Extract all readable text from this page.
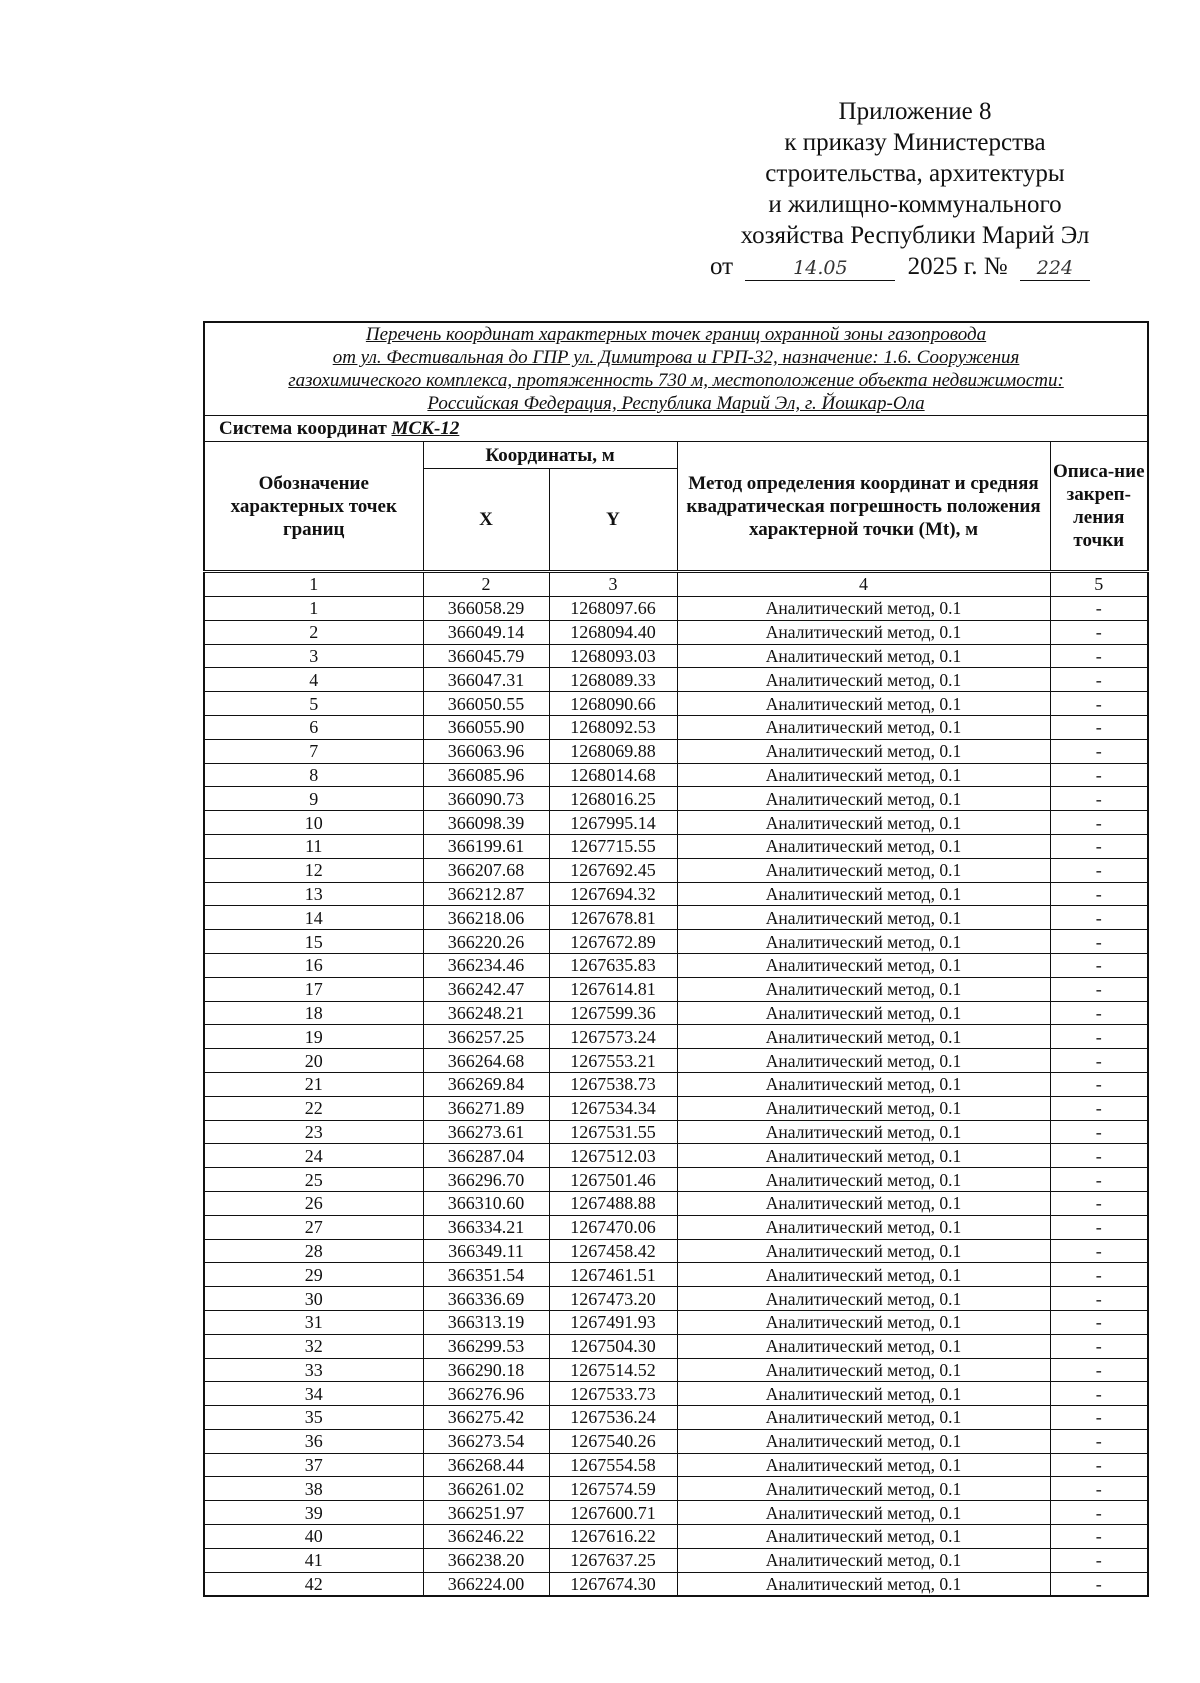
Приложение 8
к приказу Министерства
строительства, архитектуры
и жилищно-коммунального
хозяйства Республики Марий Эл
от	14.05 2025 г. № 224
Перечень координат характерных точек границ охранной зоны газопровода
от ул. Фестивальная до ГПР ул. Димитрова и ГРП-32, назначение: 1.6. Сооружения
газохимического комплекса, протяженность 730 м, местоположение объекта недвижимости:
Российская Федерация, Республика Марий Эл, г. Йошкар-Ола				

Система координат МСК-12				
Обозначение характерных точек границ	Координаты, м		Метод определения координат и средняя квадратическая погрешность положения характерной точки (Mt), м	Описа-ние закреп-ления точки
	X	Y		
1	2	3	4	5
1	366058.29	1268097.66	Аналитический метод, 0.1	-
2	366049.14	1268094.40	Аналитический метод, 0.1	-
3	366045.79	1268093.03	Аналитический метод, 0.1	-
4	366047.31	1268089.33	Аналитический метод, 0.1	-
5	366050.55	1268090.66	Аналитический метод, 0.1	-
6	366055.90	1268092.53	Аналитический метод, 0.1	-
7	366063.96	1268069.88	Аналитический метод, 0.1	-
8	366085.96	1268014.68	Аналитический метод, 0.1	-
9	366090.73	1268016.25	Аналитический метод, 0.1	-
10	366098.39	1267995.14	Аналитический метод, 0.1	-
11	366199.61	1267715.55	Аналитический метод, 0.1	-
12	366207.68	1267692.45	Аналитический метод, 0.1	-
13	366212.87	1267694.32	Аналитический метод, 0.1	-
14	366218.06	1267678.81	Аналитический метод, 0.1	-
15	366220.26	1267672.89	Аналитический метод, 0.1	-
16	366234.46	1267635.83	Аналитический метод, 0.1	-
17	366242.47	1267614.81	Аналитический метод, 0.1	-
18	366248.21	1267599.36	Аналитический метод, 0.1	-
19	366257.25	1267573.24	Аналитический метод, 0.1	-
20	366264.68	1267553.21	Аналитический метод, 0.1	-
21	366269.84	1267538.73	Аналитический метод, 0.1	-
22	366271.89	1267534.34	Аналитический метод, 0.1	-
23	366273.61	1267531.55	Аналитический метод, 0.1	-
24	366287.04	1267512.03	Аналитический метод, 0.1	-
25	366296.70	1267501.46	Аналитический метод, 0.1	-
26	366310.60	1267488.88	Аналитический метод, 0.1	-
27	366334.21	1267470.06	Аналитический метод, 0.1	-
28	366349.11	1267458.42	Аналитический метод, 0.1	-
29	366351.54	1267461.51	Аналитический метод, 0.1	-
30	366336.69	1267473.20	Аналитический метод, 0.1	-
31	366313.19	1267491.93	Аналитический метод, 0.1	-
32	366299.53	1267504.30	Аналитический метод, 0.1	-
33	366290.18	1267514.52	Аналитический метод, 0.1	-
34	366276.96	1267533.73	Аналитический метод, 0.1	-
35	366275.42	1267536.24	Аналитический метод, 0.1	-
36	366273.54	1267540.26	Аналитический метод, 0.1	-
37	366268.44	1267554.58	Аналитический метод, 0.1	-
38	366261.02	1267574.59	Аналитический метод, 0.1	-
39	366251.97	1267600.71	Аналитический метод, 0.1	-
40	366246.22	1267616.22	Аналитический метод, 0.1	-
41	366238.20	1267637.25	Аналитический метод, 0.1	-
42	366224.00	1267674.30	Аналитический метод, 0.1	-
